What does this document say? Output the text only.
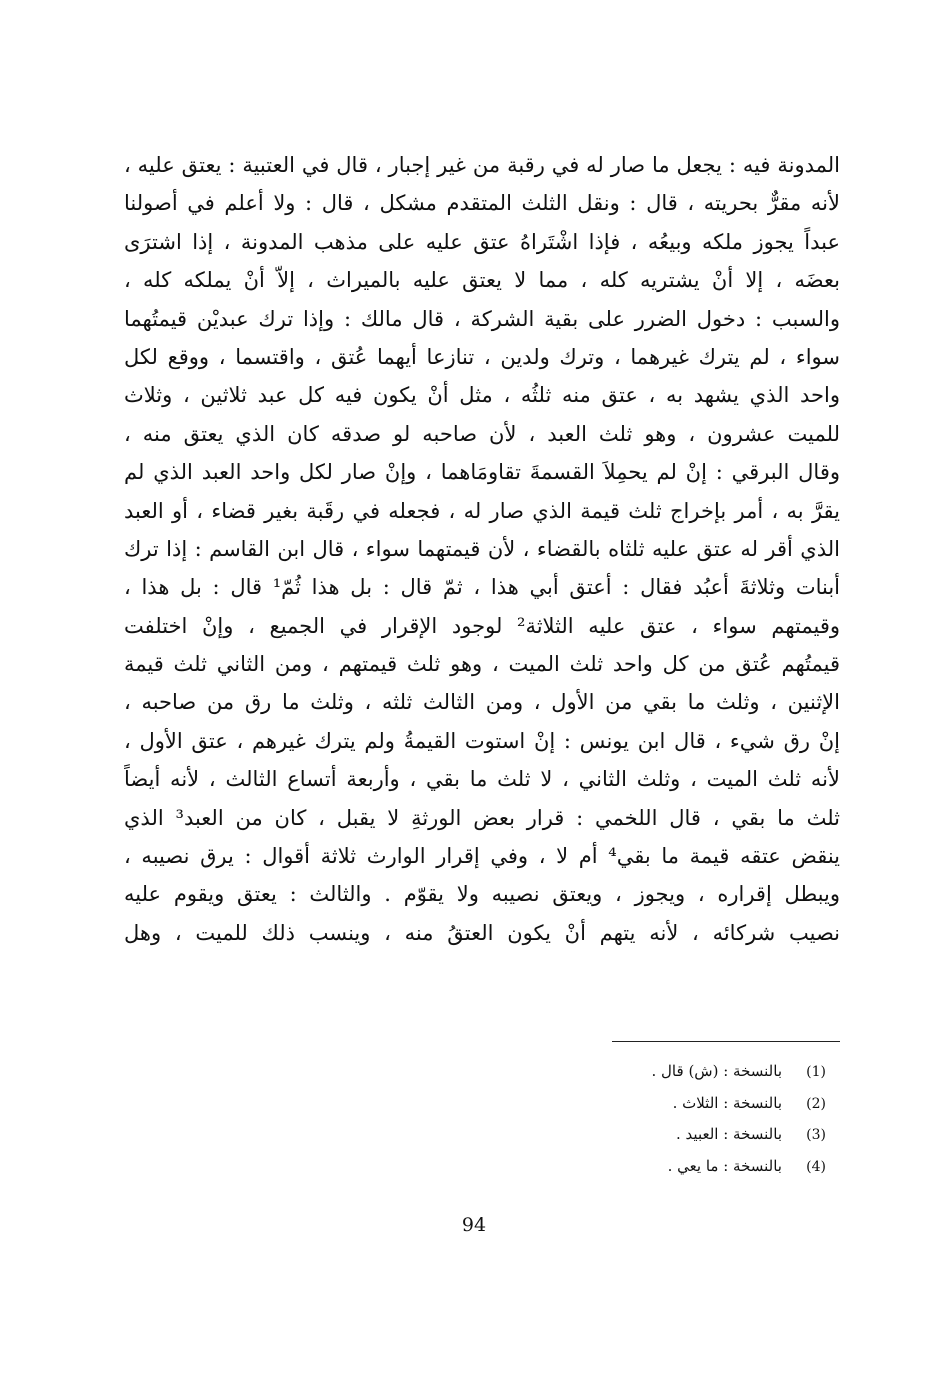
المدونة فيه : يجعل ما صار له في رقبة من غير إجبار ، قال في العتبية : يعتق عليه ،
لأنه مقرٌّ بحريته ، قال : ونقل الثلث المتقدم مشكل ، قال : ولا أعلم في أصولنا
عبداً يجوز ملكه وبيعُه ، فإذا اشْتَراهُ عتق عليه على مذهب المدونة ، إذا اشترَى
بعضَه ، إلا أنْ يشتريه كله ، مما لا يعتق عليه بالميراث ، إلاّ أنْ يملكه كله ،
والسبب : دخول الضرر على بقية الشركة ، قال مالك : وإذا ترك عبديْن قيمتُهما
سواء ، لم يترك غيرهما ، وترك ولدين ، تنازعا أيهما عُتق ، واقتسما ، ووقع لكل
واحد الذي يشهد به ، عتق منه ثلثُه ، مثل أنْ يكون فيه كل عبد ثلاثين ، وثلاث
للميت عشرون ، وهو ثلث العبد ، لأن صاحبه لو صدقه كان الذي يعتق منه ،
وقال البرقي : إنْ لم يحمِلاَ القسمةَ تقاومَاهما ، وإنْ صار لكل واحد العبد الذي لم
يقرَّ به ، أمر بإخراج ثلث قيمة الذي صار له ، فجعله في رقَبة بغير قضاء ، أو العبد
الذي أقر له عتق عليه ثلثاه بالقضاء ، لأن قيمتهما سواء ، قال ابن القاسم : إذا ترك
أبنات وثلاثةَ أعبُد فقال : أعتق أبي هذا ، ثمّ قال : بل هذا ثُمّ¹ قال : بل هذا ،
وقيمتهم سواء ، عتق عليه الثلاثة² لوجود الإقرار في الجميع ، وإنْ اختلفت
قيمتُهم عُتق من كل واحد ثلث الميت ، وهو ثلث قيمتهم ، ومن الثاني ثلث قيمة
الإثنين ، وثلث ما بقي من الأول ، ومن الثالث ثلثه ، وثلث ما رق من صاحبه ،
إنْ رق شيء ، قال ابن يونس : إنْ استوت القيمةُ ولم يترك غيرهم ، عتق الأول ،
لأنه ثلث الميت ، وثلث الثاني ، لا ثلث ما بقي ، وأربعة أتساع الثالث ، لأنه أيضاً
ثلث ما بقي ، قال اللخمي : قرار بعض الورثةِ لا يقبل ، كان من العبد³ الذي
ينقض عتقه قيمة ما بقي⁴ أم لا ، وفي إقرار الوارث ثلاثة أقوال : يرق نصيبه ،
ويبطل إقراره ، ويجوز ، ويعتق نصيبه ولا يقوّم . والثالث : يعتق ويقوم عليه
نصيب شركائه ، لأنه يتهم أنْ يكون العتقُ منه ، وينسب ذلك للميت ، وهل
(1)بالنسخة : (ش) قال .
(2)بالنسخة : الثلاث .
(3)بالنسخة : العبيد .
(4)بالنسخة : ما يعي .
94
